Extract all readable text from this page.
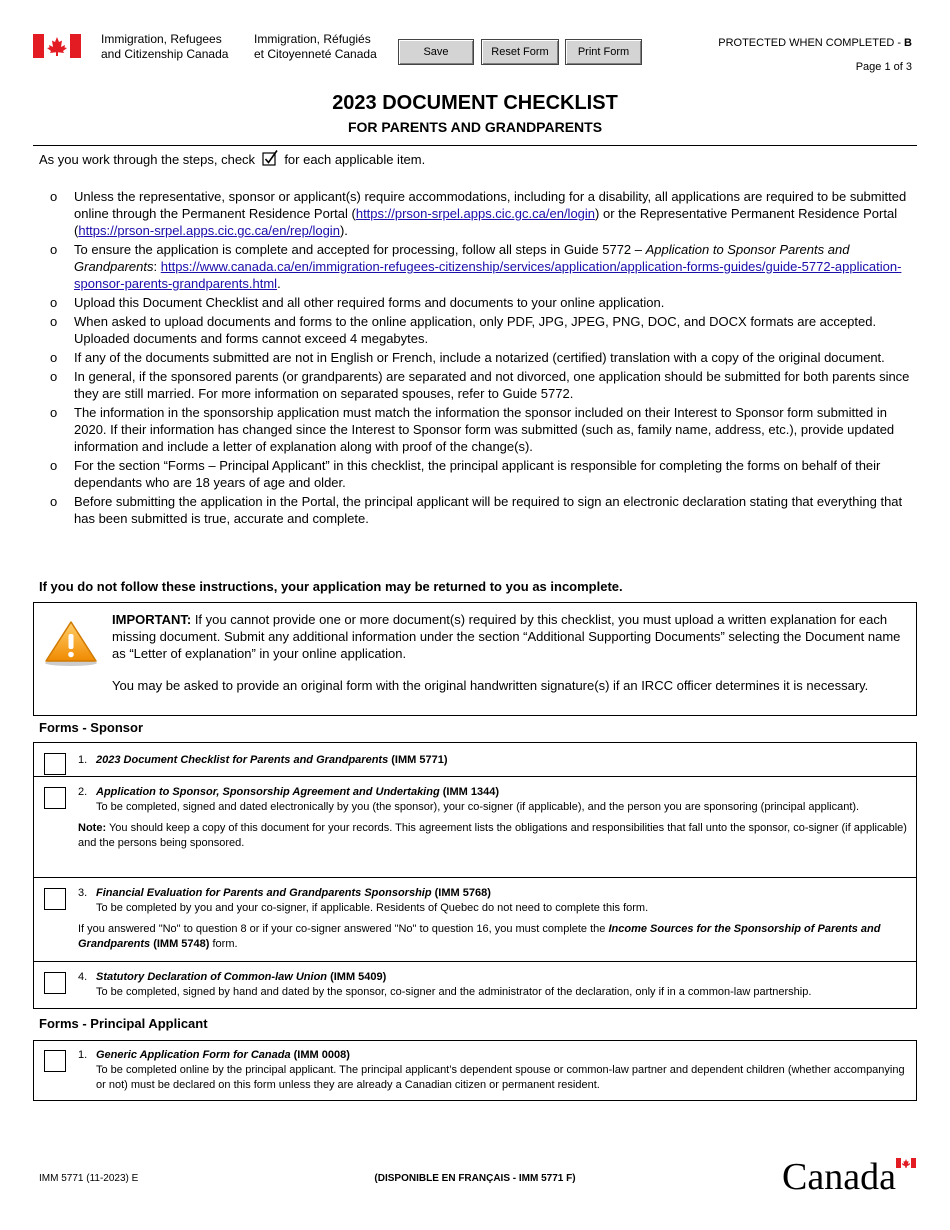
Immigration, Refugees
and Citizenship Canada
Immigration, Réfugiés
et Citoyenneté Canada	Save	Reset Form	Print Form
PROTECTED WHEN COMPLETED - B
Page 1 of 3
2023 DOCUMENT CHECKLIST
FOR PARENTS AND GRANDPARENTS
As you work through the steps, check for each applicable item.
o Unless the representative, sponsor or applicant(s) require accommodations, including for a disability, all applications are required to be submitted online through the Permanent Residence Portal (https://prson-srpel.apps.cic.gc.ca/en/login) or the Representative Permanent Residence Portal (https://prson-srpel.apps.cic.gc.ca/en/rep/login).
o To ensure the application is complete and accepted for processing, follow all steps in Guide 5772 – Application to Sponsor Parents and Grandparents: https://www.canada.ca/en/immigration-refugees-citizenship/services/application/application-forms-guides/guide-5772-application-sponsor-parents-grandparents.html.
o Upload this Document Checklist and all other required forms and documents to your online application.
o When asked to upload documents and forms to the online application, only PDF, JPG, JPEG, PNG, DOC, and DOCX formats are accepted. Uploaded documents and forms cannot exceed 4 megabytes.
o If any of the documents submitted are not in English or French, include a notarized (certified) translation with a copy of the original document.
o In general, if the sponsored parents (or grandparents) are separated and not divorced, one application should be submitted for both parents since they are still married. For more information on separated spouses, refer to Guide 5772.
o The information in the sponsorship application must match the information the sponsor included on their Interest to Sponsor form submitted in 2020. If their information has changed since the Interest to Sponsor form was submitted (such as, family name, address, etc.), provide updated information and include a letter of explanation along with proof of the change(s).
o For the section “Forms – Principal Applicant” in this checklist, the principal applicant is responsible for completing the forms on behalf of their dependants who are 18 years of age and older.
o Before submitting the application in the Portal, the principal applicant will be required to sign an electronic declaration stating that everything that has been submitted is true, accurate and complete.
If you do not follow these instructions, your application may be returned to you as incomplete.

IMPORTANT: If you cannot provide one or more document(s) required by this checklist, you must upload a written explanation for each missing document. Submit any additional information under the section “Additional Supporting Documents” selecting the Document name as “Letter of explanation” in your online application.

You may be asked to provide an original form with the original handwritten signature(s) if an IRCC officer determines it is necessary.

Forms - Sponsor

1. 2023 Document Checklist for Parents and Grandparents (IMM 5771)

2. Application to Sponsor, Sponsorship Agreement and Undertaking (IMM 1344)

To be completed, signed and dated electronically by you (the sponsor), your co-signer (if applicable), and the person you are sponsoring (principal applicant).

Note: You should keep a copy of this document for your records. This agreement lists the obligations and responsibilities that fall unto the sponsor, co-signer (if applicable) and the persons being sponsored.

3. Financial Evaluation for Parents and Grandparents Sponsorship (IMM 5768)

To be completed by you and your co-signer, if applicable. Residents of Quebec do not need to complete this form.

If you answered "No" to question 8 or if your co-signer answered "No" to question 16, you must complete the Income Sources for the Sponsorship of Parents and Grandparents (IMM 5748) form.

4. Statutory Declaration of Common-law Union (IMM 5409)

To be completed, signed by hand and dated by the sponsor, co-signer and the administrator of the declaration, only if in a common-law partnership.

Forms - Principal Applicant

1. Generic Application Form for Canada (IMM 0008)

To be completed online by the principal applicant. The principal applicant’s dependent spouse or common-law partner and dependent children (whether accompanying or not) must be declared on this form unless they are already a Canadian citizen or permanent resident.

IMM 5771 (11-2023) E	(DISPONIBLE EN FRANÇAIS - IMM 5771 F)	Canada
